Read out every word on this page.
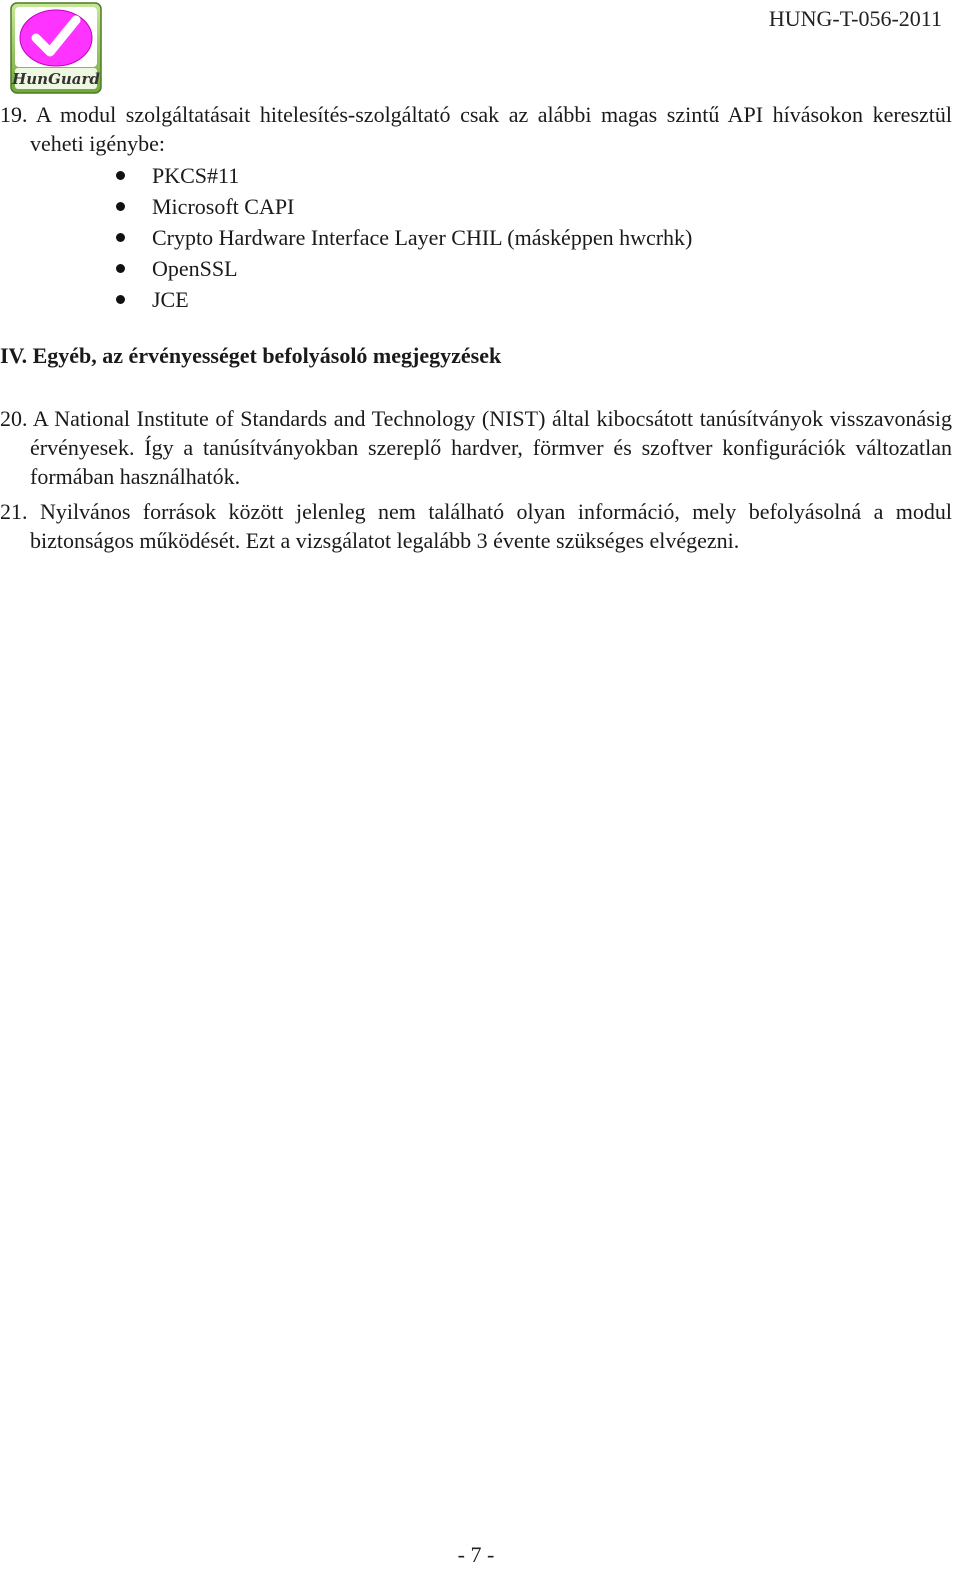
HunGuard
HUNG-T-056-2011

19. A modul szolgáltatásait hitelesítés-szolgáltató csak az alábbi magas szintű API hívásokon keresztül veheti igénybe:

PKCS#11
Microsoft CAPI
Crypto Hardware Interface Layer CHIL (másképpen hwcrhk)
OpenSSL
JCE
IV. Egyéb, az érvényességet befolyásoló megjegyzések

20. A National Institute of Standards and Technology (NIST) által kibocsátott tanúsítványok visszavonásig érvényesek. Így a tanúsítványokban szereplő hardver, förmver és szoftver konfigurációk változatlan formában használhatók.

21. Nyilvános források között jelenleg nem található olyan információ, mely befolyásolná a modul biztonságos működését. Ezt a vizsgálatot legalább 3 évente szükséges elvégezni.

- 7 -
